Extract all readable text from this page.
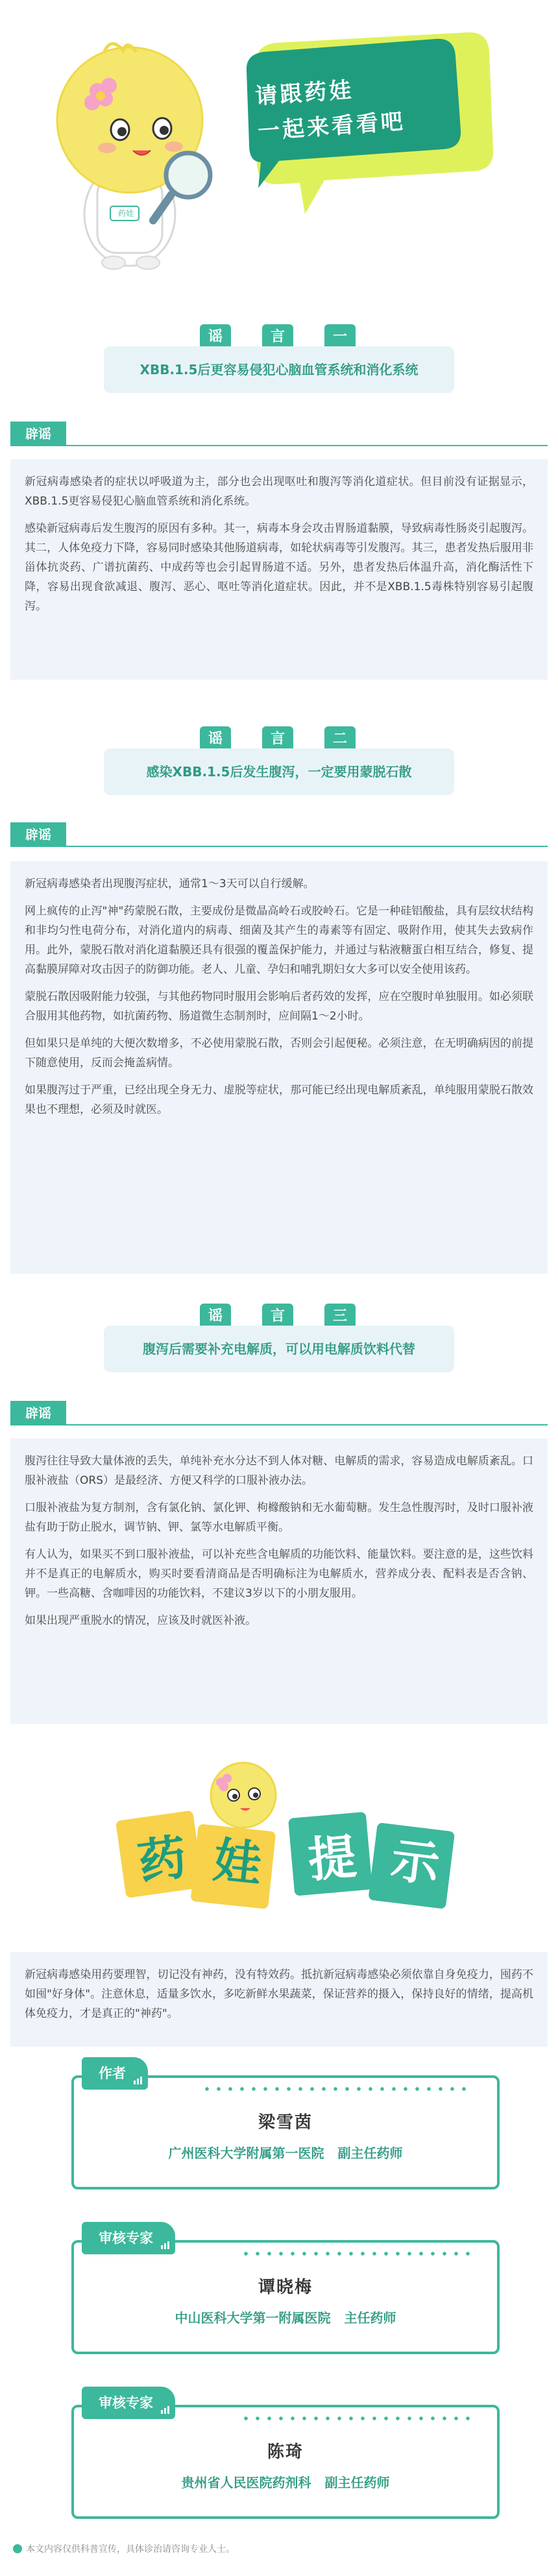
请跟药娃
一起来看看吧
药娃
谣	言	一
XBB.1.5后更容易侵犯心脑血管系统和消化系统
辟谣

新冠病毒感染者的症状以呼吸道为主，部分也会出现呕吐和腹泻等消化道症状。但目前没有证据显示，XBB.1.5更容易侵犯心脑血管系统和消化系统。

感染新冠病毒后发生腹泻的原因有多种。其一，病毒本身会攻击胃肠道黏膜，导致病毒性肠炎引起腹泻。其二，人体免疫力下降，容易同时感染其他肠道病毒，如轮状病毒等引发腹泻。其三，患者发热后服用非甾体抗炎药、广谱抗菌药、中成药等也会引起胃肠道不适。另外，患者发热后体温升高，消化酶活性下降，容易出现食欲减退、腹泻、恶心、呕吐等消化道症状。因此，并不是XBB.1.5毒株特别容易引起腹泻。

谣	言	二
感染XBB.1.5后发生腹泻，一定要用蒙脱石散
辟谣

新冠病毒感染者出现腹泻症状，通常1～3天可以自行缓解。

网上疯传的止泻"神"药蒙脱石散，主要成份是微晶高岭石或胶岭石。它是一种硅铝酸盐，具有层纹状结构和非均匀性电荷分布，对消化道内的病毒、细菌及其产生的毒素等有固定、吸附作用，使其失去致病作用。此外，蒙脱石散对消化道黏膜还具有很强的覆盖保护能力，并通过与粘液糖蛋白相互结合，修复、提高黏膜屏障对攻击因子的防御功能。老人、儿童、孕妇和哺乳期妇女大多可以安全使用该药。

蒙脱石散因吸附能力较强，与其他药物同时服用会影响后者药效的发挥，应在空腹时单独服用。如必须联合服用其他药物，如抗菌药物、肠道微生态制剂时，应间隔1～2小时。

但如果只是单纯的大便次数增多，不必使用蒙脱石散，否则会引起便秘。必须注意，在无明确病因的前提下随意使用，反而会掩盖病情。

如果腹泻过于严重，已经出现全身无力、虚脱等症状，那可能已经出现电解质紊乱，单纯服用蒙脱石散效果也不理想，必须及时就医。

谣	言	三
腹泻后需要补充电解质，可以用电解质饮料代替
辟谣

腹泻往往导致大量体液的丢失，单纯补充水分达不到人体对糖、电解质的需求，容易造成电解质紊乱。口服补液盐（ORS）是最经济、方便又科学的口服补液办法。

口服补液盐为复方制剂，含有氯化钠、氯化钾、枸橼酸钠和无水葡萄糖。发生急性腹泻时，及时口服补液盐有助于防止脱水，调节钠、钾、氯等水电解质平衡。

有人认为，如果买不到口服补液盐，可以补充些含电解质的功能饮料、能量饮料。要注意的是，这些饮料并不是真正的电解质水，购买时要看清商品是否明确标注为电解质水，营养成分表、配料表是否含钠、钾。一些高糖、含咖啡因的功能饮料，不建议3岁以下的小朋友服用。

如果出现严重脱水的情况，应该及时就医补液。

药 娃 提 示

新冠病毒感染用药要理智，切记没有神药，没有特效药。抵抗新冠病毒感染必须依靠自身免疫力，囤药不如囤"好身体"。注意休息，适量多饮水，多吃新鲜水果蔬菜，保证营养的摄入，保持良好的情绪，提高机体免疫力，才是真正的"神药"。

作者
梁雪茵
广州医科大学附属第一医院 副主任药师
审核专家
谭晓梅
中山医科大学第一附属医院 主任药师
审核专家
陈琦
贵州省人民医院药剂科 副主任药师
本文内容仅供科普宣传，具体诊治请咨询专业人士。
